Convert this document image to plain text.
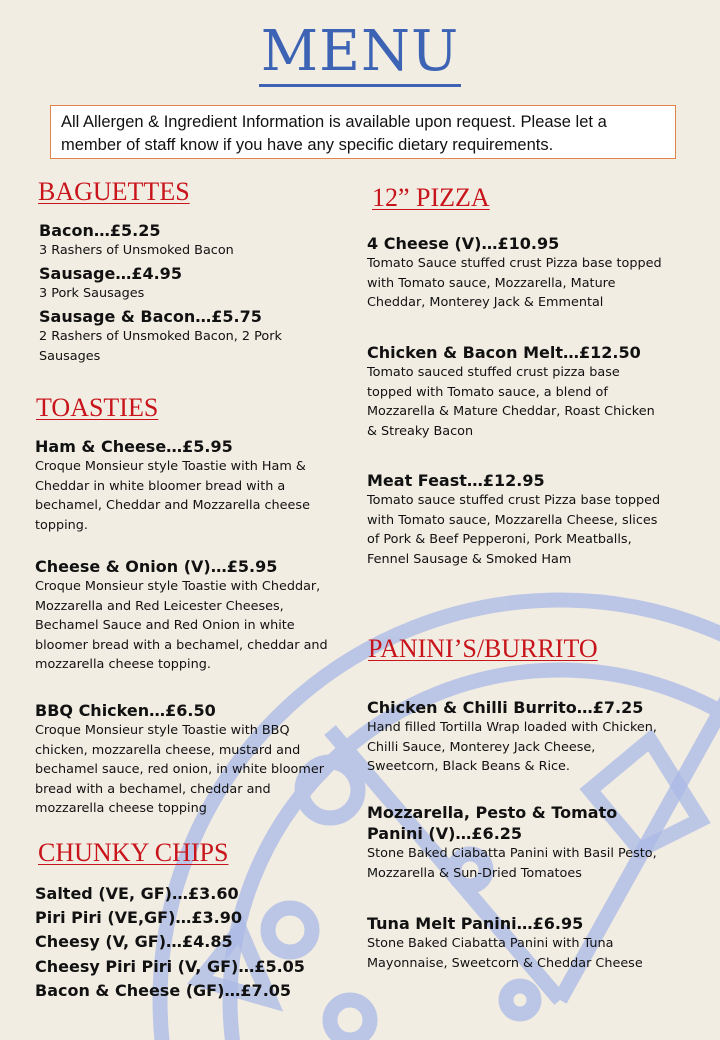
MENU
All Allergen & Ingredient Information is available upon request. Please let a member of staff know if you have any specific dietary requirements.
BAGUETTES
Bacon…£5.25
3 Rashers of Unsmoked Bacon
Sausage…£4.95
3 Pork Sausages
Sausage & Bacon…£5.75
2 Rashers of Unsmoked Bacon, 2 Pork Sausages
TOASTIES
Ham & Cheese…£5.95
Croque Monsieur style Toastie with Ham & Cheddar in white bloomer bread with a bechamel, Cheddar and Mozzarella cheese topping.
Cheese & Onion (V)…£5.95
Croque Monsieur style Toastie with Cheddar, Mozzarella and Red Leicester Cheeses, Bechamel Sauce and Red Onion in white bloomer bread with a bechamel, cheddar and mozzarella cheese topping.
BBQ Chicken…£6.50
Croque Monsieur style Toastie with BBQ chicken, mozzarella cheese, mustard and bechamel sauce, red onion, in white bloomer bread with a bechamel, cheddar and mozzarella cheese topping
CHUNKY CHIPS
Salted (VE, GF)…£3.60
Piri Piri (VE,GF)…£3.90
Cheesy (V, GF)…£4.85
Cheesy Piri Piri (V, GF)…£5.05
Bacon & Cheese (GF)…£7.05
12” PIZZA
4 Cheese (V)…£10.95
Tomato Sauce stuffed crust Pizza base topped with Tomato sauce, Mozzarella, Mature Cheddar, Monterey Jack & Emmental
Chicken & Bacon Melt…£12.50
Tomato sauced stuffed crust pizza base topped with Tomato sauce, a blend of Mozzarella & Mature Cheddar, Roast Chicken & Streaky Bacon
Meat Feast…£12.95
Tomato sauce stuffed crust Pizza base topped with Tomato sauce, Mozzarella Cheese, slices of Pork & Beef Pepperoni, Pork Meatballs, Fennel Sausage & Smoked Ham
PANINI’S/BURRITO
Chicken & Chilli Burrito…£7.25
Hand filled Tortilla Wrap loaded with Chicken, Chilli Sauce, Monterey Jack Cheese, Sweetcorn, Black Beans & Rice.
Mozzarella, Pesto & Tomato Panini (V)…£6.25
Stone Baked Ciabatta Panini with Basil Pesto, Mozzarella & Sun-Dried Tomatoes
Tuna Melt Panini…£6.95
Stone Baked Ciabatta Panini with Tuna Mayonnaise, Sweetcorn & Cheddar Cheese
